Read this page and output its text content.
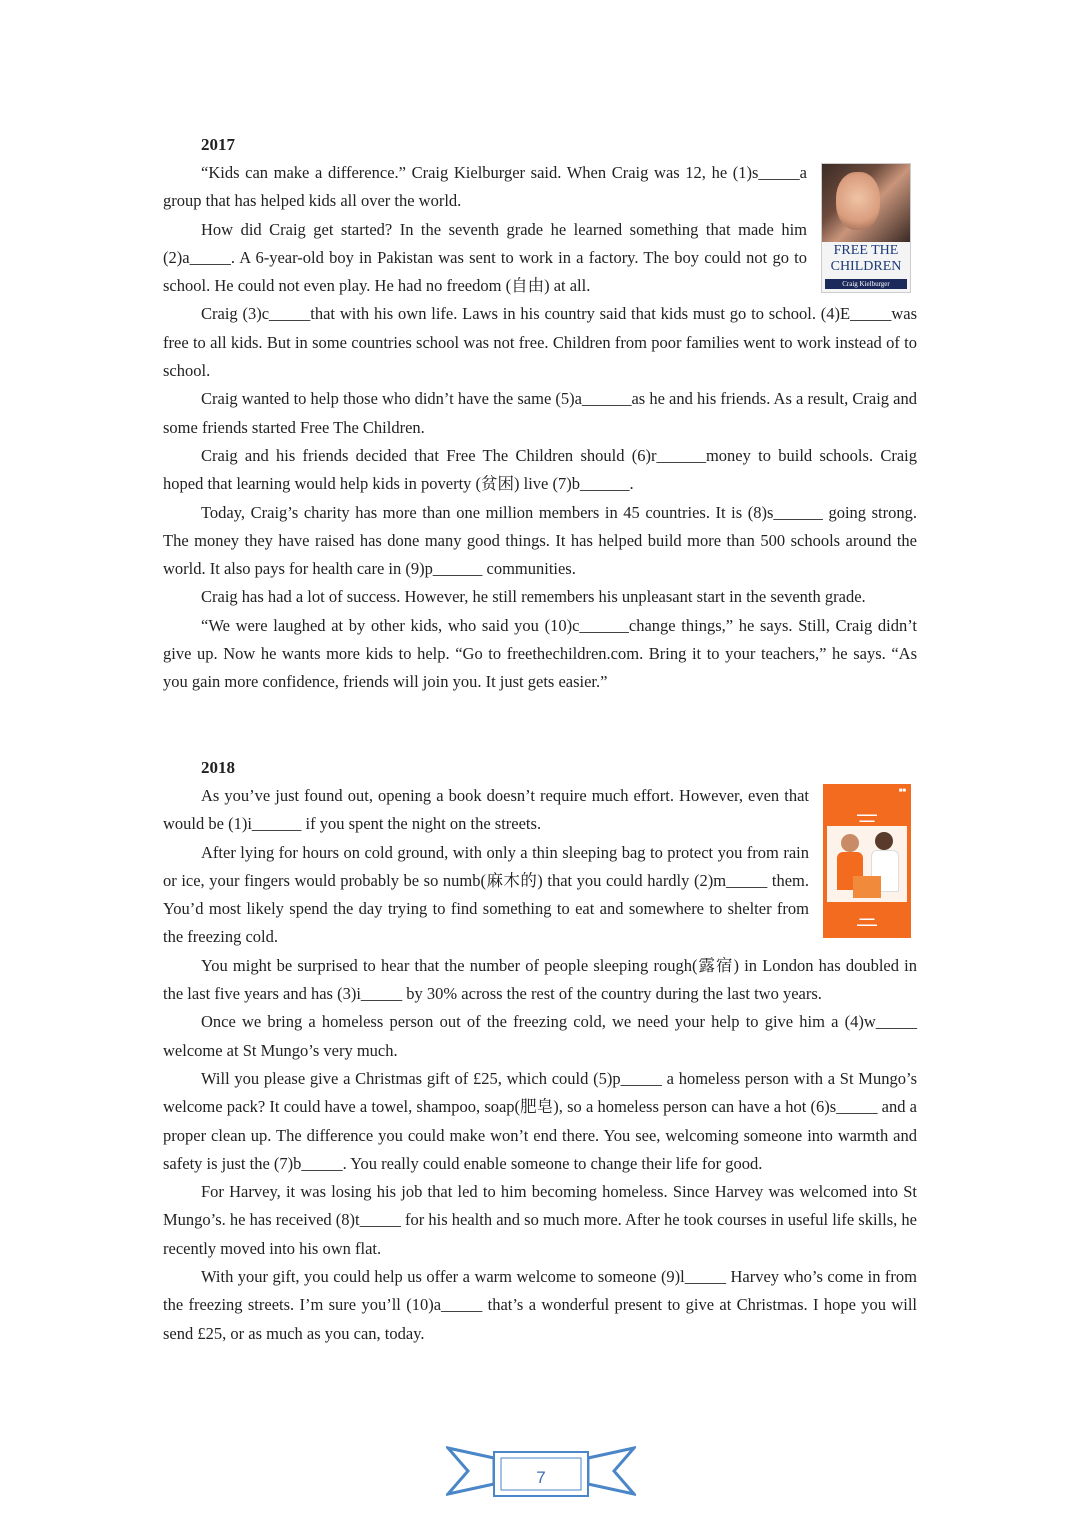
2017
FREE THE CHILDREN
Craig Kielburger

“Kids can make a difference.” Craig Kielburger said. When Craig was 12, he (1)s_____a group that has helped kids all over the world.

How did Craig get started? In the seventh grade he learned something that made him (2)a_____. A 6-year-old boy in Pakistan was sent to work in a factory. The boy could not go to school. He could not even play. He had no freedom (自由) at all.

Craig (3)c_____that with his own life. Laws in his country said that kids must go to school. (4)E_____was free to all kids. But in some countries school was not free. Children from poor families went to work instead of to school.

Craig wanted to help those who didn’t have the same (5)a______as he and his friends. As a result, Craig and some friends started Free The Children.

Craig and his friends decided that Free The Children should (6)r______money to build schools. Craig hoped that learning would help kids in poverty (贫困) live (7)b______.

Today, Craig’s charity has more than one million members in 45 countries. It is (8)s______ going strong. The money they have raised has done many good things. It has helped build more than 500 schools around the world. It also pays for health care in (9)p______ communities.

Craig has had a lot of success. However, he still remembers his unpleasant start in the seventh grade.

“We were laughed at by other kids, who said you (10)c______change things,” he says. Still, Craig didn’t give up. Now he wants more kids to help. “Go to freethechildren.com. Bring it to your teachers,” he says. “As you gain more confidence, friends will join you. It just gets easier.”

2018
■■
▬▬▬▬
▬▬▬
▬▬▬
▬▬▬▬

As you’ve just found out, opening a book doesn’t require much effort. However, even that would be (1)i______ if you spent the night on the streets.

After lying for hours on cold ground, with only a thin sleeping bag to protect you from rain or ice, your fingers would probably be so numb(麻木的) that you could hardly (2)m_____ them. You’d most likely spend the day trying to find something to eat and somewhere to shelter from the freezing cold.

You might be surprised to hear that the number of people sleeping rough(露宿) in London has doubled in the last five years and has (3)i_____ by 30% across the rest of the country during the last two years.

Once we bring a homeless person out of the freezing cold, we need your help to give him a (4)w_____ welcome at St Mungo’s very much.

Will you please give a Christmas gift of £25, which could (5)p_____ a homeless person with a St Mungo’s welcome pack? It could have a towel, shampoo, soap(肥皂), so a homeless person can have a hot (6)s_____ and a proper clean up. The difference you could make won’t end there. You see, welcoming someone into warmth and safety is just the (7)b_____. You really could enable someone to change their life for good.

For Harvey, it was losing his job that led to him becoming homeless. Since Harvey was welcomed into St Mungo’s. he has received (8)t_____ for his health and so much more. After he took courses in useful life skills, he recently moved into his own flat.

With your gift, you could help us offer a warm welcome to someone (9)l_____ Harvey who’s come in from the freezing streets. I’m sure you’ll (10)a_____ that’s a wonderful present to give at Christmas. I hope you will send £25, or as much as you can, today.

7
